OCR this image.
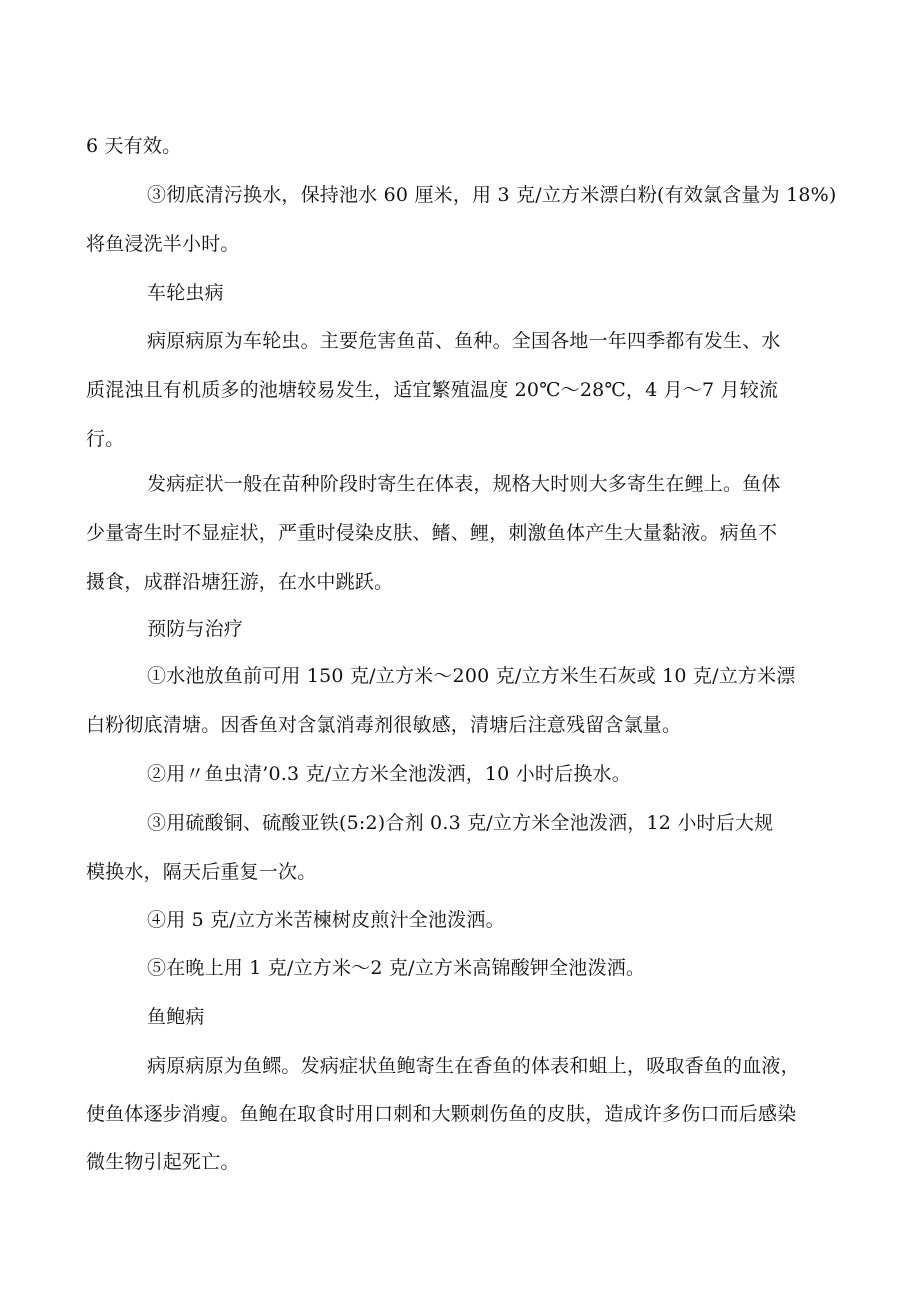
6 天有效。
③彻底清污换水，保持池水 60 厘米，用 3 克/立方米漂白粉(有效氯含量为 18%)
将鱼浸洗半小时。
车轮虫病
病原病原为车轮虫。主要危害鱼苗、鱼种。全国各地一年四季都有发生、水
质混浊且有机质多的池塘较易发生，适宜繁殖温度 20℃～28℃，4 月～7 月较流
行。
发病症状一般在苗种阶段时寄生在体表，规格大时则大多寄生在鲤上。鱼体
少量寄生时不显症状，严重时侵染皮肤、鳍、鲤，刺激鱼体产生大量黏液。病鱼不
摄食，成群沿塘狂游，在水中跳跃。
预防与治疗
①水池放鱼前可用 150 克/立方米～200 克/立方米生石灰或 10 克/立方米漂
白粉彻底清塘。因香鱼对含氯消毒剂很敏感，清塘后注意残留含氯量。
②用〃鱼虫清’0.3 克/立方米全池泼洒，10 小时后换水。
③用硫酸铜、硫酸亚铁(5:2)合剂 0.3 克/立方米全池泼洒，12 小时后大规
模换水，隔天后重复一次。
④用 5 克/立方米苦楝树皮煎汁全池泼洒。
⑤在晚上用 1 克/立方米～2 克/立方米高锦酸钾全池泼洒。
鱼鲍病
病原病原为鱼鳏。发病症状鱼鲍寄生在香鱼的体表和蛆上，吸取香鱼的血液，
使鱼体逐步消瘦。鱼鲍在取食时用口刺和大颗刺伤鱼的皮肤，造成许多伤口而后感染
微生物引起死亡。
